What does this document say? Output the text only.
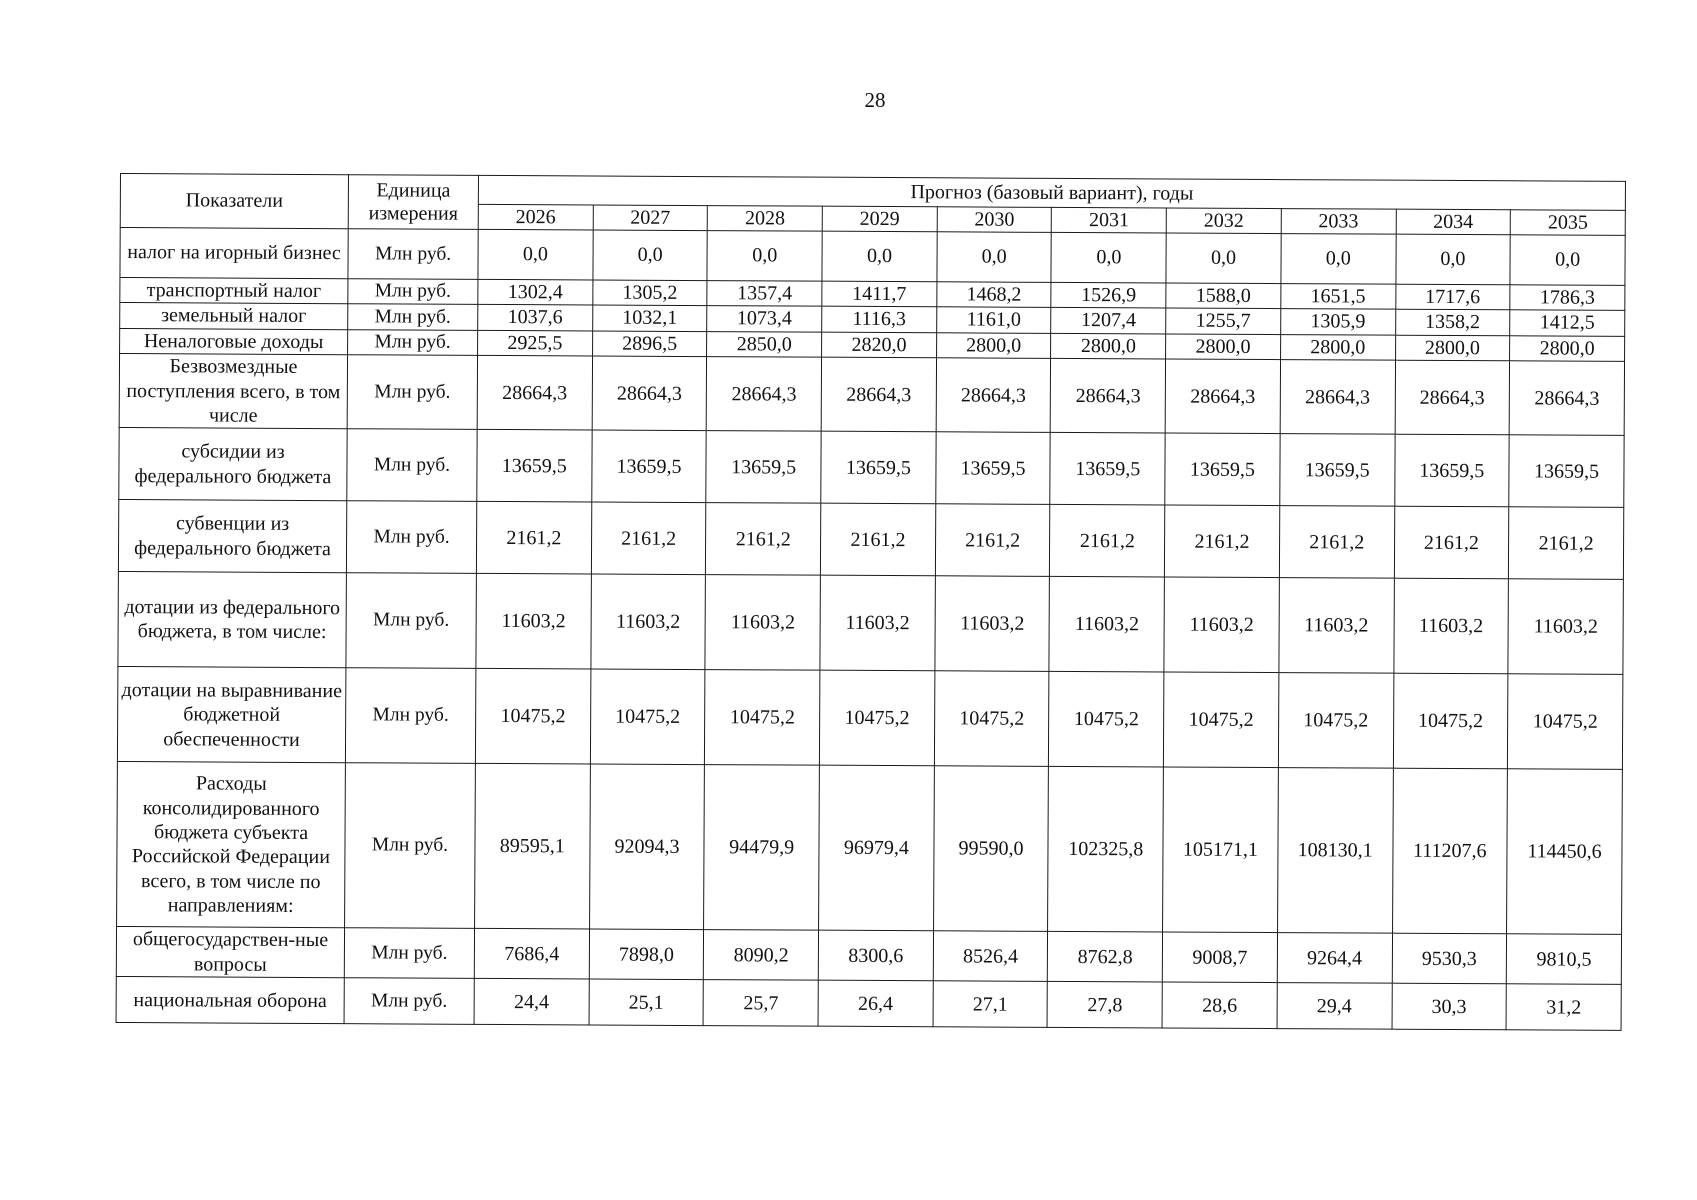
28
Показатели	Единица измерения	Прогноз (базовый вариант), годы									
		2026	2027	2028	2029	2030	2031	2032	2033	2034	2035
налог на игорный бизнес	Млн руб.	0,0	0,0	0,0	0,0	0,0	0,0	0,0	0,0	0,0	0,0
транспортный налог	Млн руб.	1302,4	1305,2	1357,4	1411,7	1468,2	1526,9	1588,0	1651,5	1717,6	1786,3
земельный налог	Млн руб.	1037,6	1032,1	1073,4	1116,3	1161,0	1207,4	1255,7	1305,9	1358,2	1412,5
Неналоговые доходы	Млн руб.	2925,5	2896,5	2850,0	2820,0	2800,0	2800,0	2800,0	2800,0	2800,0	2800,0
Безвозмездные поступления всего, в том числе	Млн руб.	28664,3	28664,3	28664,3	28664,3	28664,3	28664,3	28664,3	28664,3	28664,3	28664,3
субсидии из федерального бюджета	Млн руб.	13659,5	13659,5	13659,5	13659,5	13659,5	13659,5	13659,5	13659,5	13659,5	13659,5
субвенции из федерального бюджета	Млн руб.	2161,2	2161,2	2161,2	2161,2	2161,2	2161,2	2161,2	2161,2	2161,2	2161,2
дотации из федерального бюджета, в том числе:	Млн руб.	11603,2	11603,2	11603,2	11603,2	11603,2	11603,2	11603,2	11603,2	11603,2	11603,2
дотации на выравнивание бюджетной обеспеченности	Млн руб.	10475,2	10475,2	10475,2	10475,2	10475,2	10475,2	10475,2	10475,2	10475,2	10475,2
Расходы консолидированного бюджета субъекта Российской Федерации всего, в том числе по направлениям:	Млн руб.	89595,1	92094,3	94479,9	96979,4	99590,0	102325,8	105171,1	108130,1	111207,6	114450,6
общегосударствен-ные вопросы	Млн руб.	7686,4	7898,0	8090,2	8300,6	8526,4	8762,8	9008,7	9264,4	9530,3	9810,5
национальная оборона	Млн руб.	24,4	25,1	25,7	26,4	27,1	27,8	28,6	29,4	30,3	31,2
